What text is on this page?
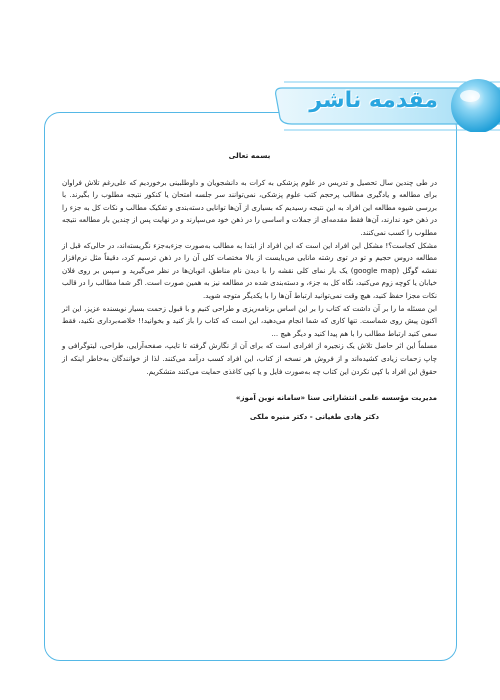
مقدمه ناشر
بسمه تعالی

در طی چندین سال تحصیل و تدریس در علوم پزشکی به کرات به دانشجویان و داوطلبینی برخوردیم که علی‌رغم تلاش فراوان برای مطالعه و یادگیری مطالب پرحجم کتب علوم پزشکی، نمی‌توانند سر جلسه امتحان یا کنکور نتیجه مطلوب را بگیرند. با بررسی شیوه مطالعه این افراد به این نتیجه رسیدیم که بسیاری از آن‌ها توانایی دسته‌بندی و تفکیک مطالب و نکات کل به جزء را در ذهن خود ندارند، آن‌ها فقط مقدمه‌ای از جملات و اساسی را در ذهن خود می‌سپارند و در نهایت پس از چندین بار مطالعه نتیجه مطلوب را کسب نمی‌کنند.

مشکل کجاست؟! مشکل این افراد این است که این افراد از ابتدا به مطالب به‌صورت جزءبه‌جزء نگریسته‌اند، در حالی‌که قبل از مطالعه دروس حجیم و تو در توی رشته مانایی می‌بایست از بالا مختصات کلی آن را در ذهن ترسیم کرد، دقیقاً مثل نرم‌افزار نقشه گوگل (google map) یک بار نمای کلی نقشه را با دیدن نام مناطق، اتوبان‌ها در نظر می‌گیرید و سپس بر روی فلان خیابان یا کوچه زوم می‌کنید، نگاه کل به جزء، و دسته‌بندی شده در مطالعه نیز به همین صورت است. اگر شما مطالب را در قالب نکات مجزا حفظ کنید، هیچ وقت نمی‌توانید ارتباط آن‌ها را با یکدیگر متوجه شوید.

این مسئله ما را بر آن داشت که کتاب را بر این اساس برنامه‌ریزی و طراحی کنیم و با قبول زحمت بسیار نویسنده عزیز، این اثر اکنون پیش روی شماست. تنها کاری که شما انجام می‌دهید، این است که کتاب را باز کنید و بخوانید!! خلاصه‌برداری نکنید، فقط سعی کنید ارتباط مطالب را با هم پیدا کنید و دیگر هیچ ...

مسلماً این اثر حاصل تلاش یک زنجیره از افرادی است که برای آن از نگارش گرفته تا تایپ، صفحه‌آرایی، طراحی، لیتوگرافی و چاپ زحمات زیادی کشیده‌اند و از فروش هر نسخه از کتاب، این افراد کسب درآمد می‌کنند. لذا از خوانندگان به‌خاطر اینکه از حقوق این افراد با کپی نکردن این کتاب چه به‌صورت فایل و یا کپی کاغذی حمایت می‌کنند متشکریم.

مدیریت مؤسسه علمی انتشاراتی سنا «سامانه نوین آموز»
دکتر هادی طغیانی - دکتر منیره ملکی
